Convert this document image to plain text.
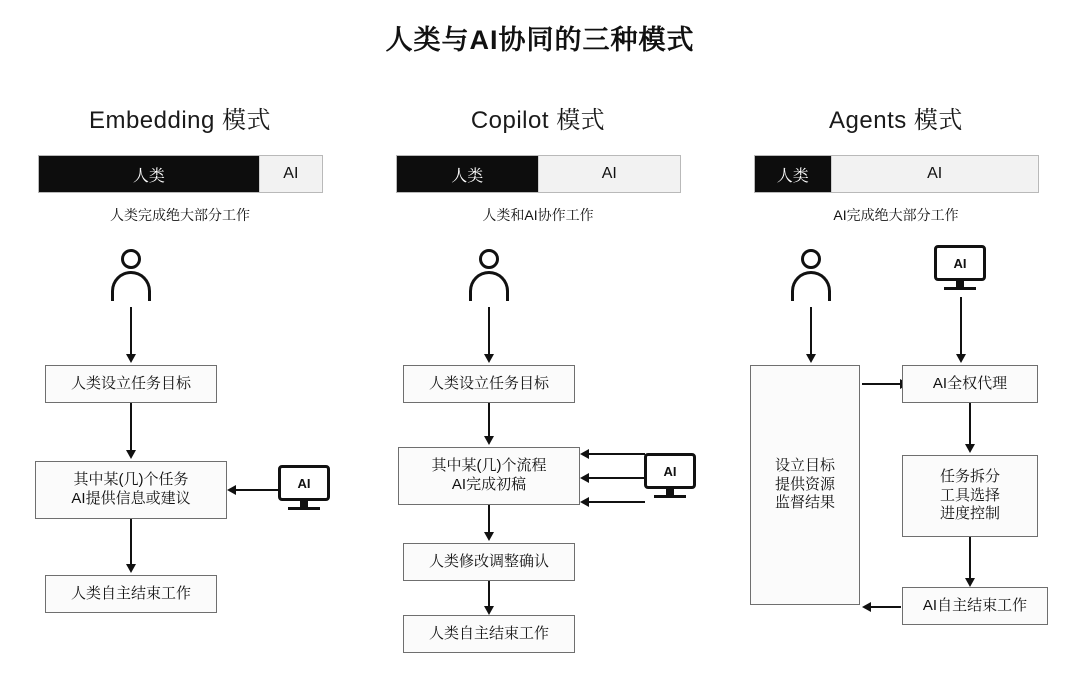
人类与AI协同的三种模式
Embedding 模式
人类	AI
人类完成绝大部分工作
人类设立任务目标
其中某(几)个任务
AI提供信息或建议
AI
人类自主结束工作
Copilot 模式
人类	AI
人类和AI协作工作
人类设立任务目标
其中某(几)个流程
AI完成初稿
AI
人类修改调整确认
人类自主结束工作
Agents 模式
人类	AI
AI完成绝大部分工作
AI
设立目标
提供资源
监督结果
AI全权代理
任务拆分
工具选择
进度控制
AI自主结束工作
